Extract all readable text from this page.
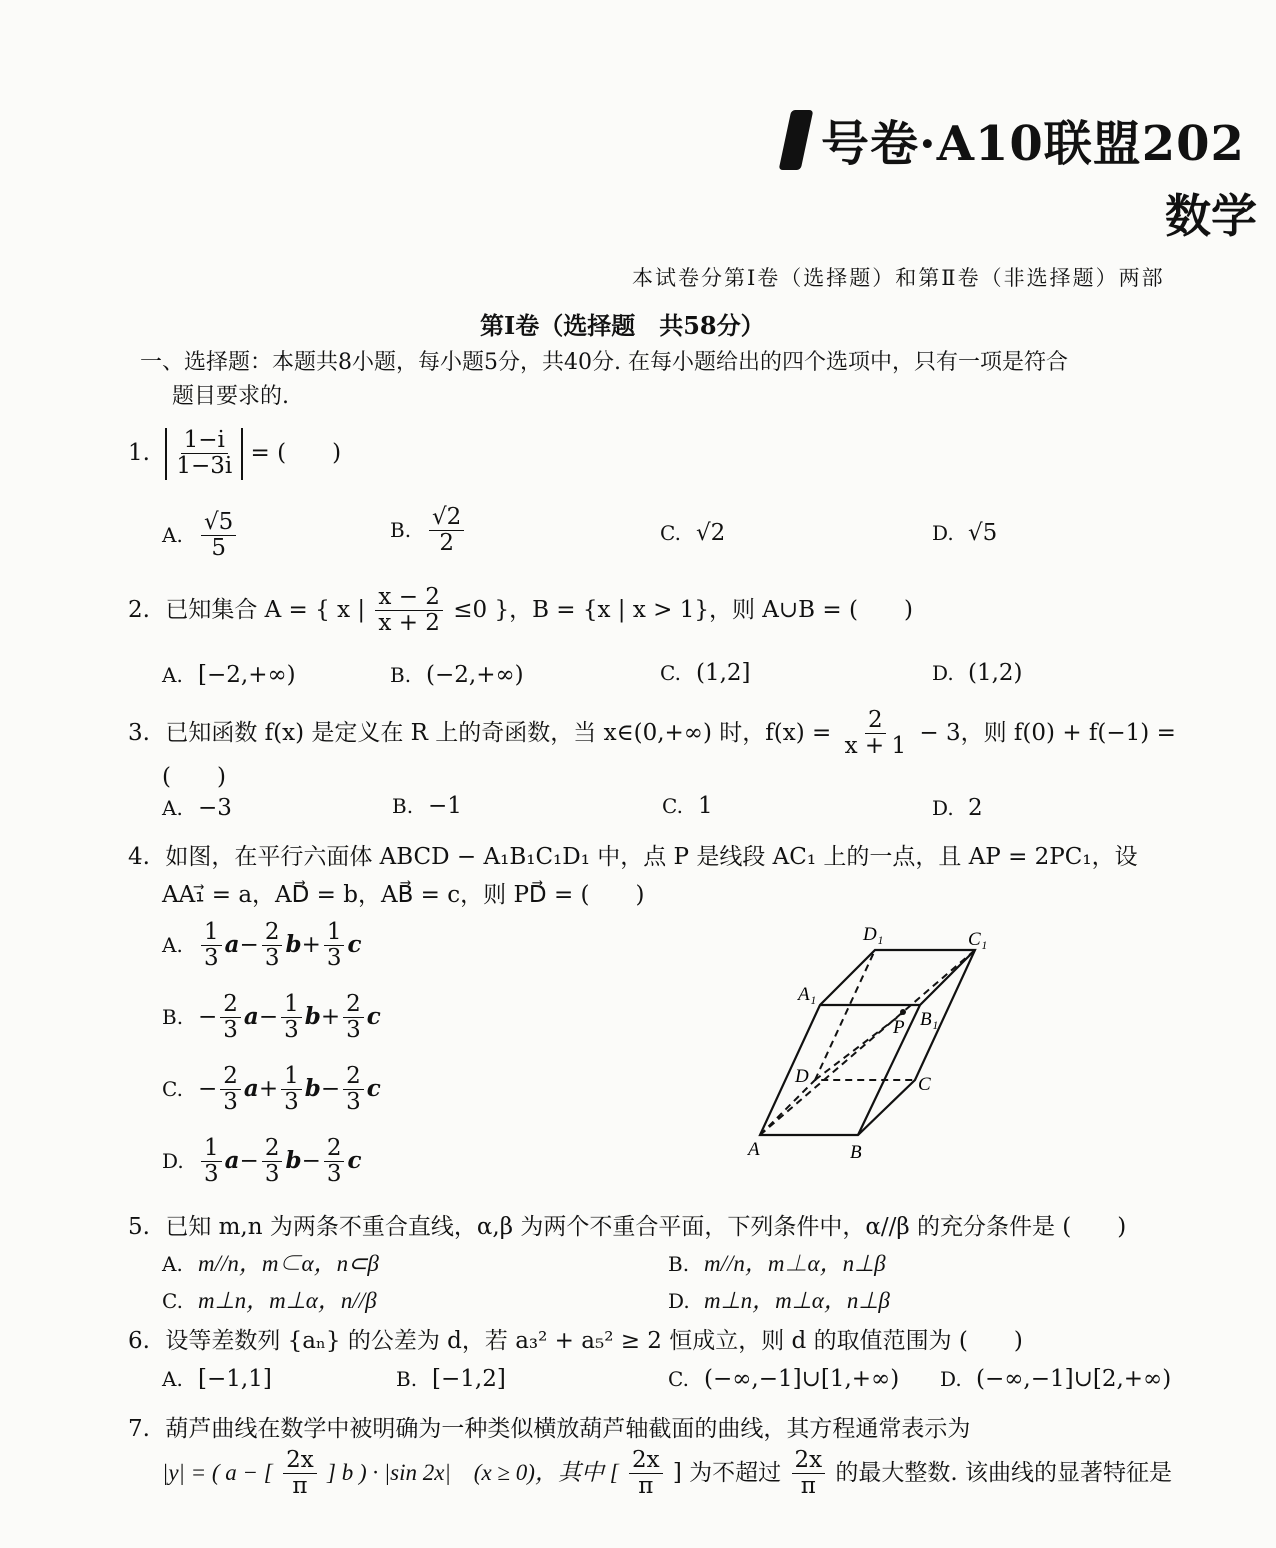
号卷·A10联盟202
数学
本试卷分第Ⅰ卷（选择题）和第Ⅱ卷（非选择题）两部
第Ⅰ卷（选择题　共58分）
一、选择题：本题共8小题，每小题5分，共40分. 在每小题给出的四个选项中，只有一项是符合
题目要求的.
1. $\frac{1-i}{1-3i}$ = (　　)
A. $\frac{√5}{5}$	B. $\frac{√2}{2}$	C. √2	D. √5
2. 已知集合 A = { x | $\frac{x - 2}{x + 2} \le 0$ }，B = {x | x > 1}，则 A∪B = (　　)
A. [−2,+∞)	B. (−2,+∞)	C. (1,2]	D. (1,2)
3. 已知函数 f(x) 是定义在 R 上的奇函数，当 x∈(0,+∞) 时，$f(x) = \frac{2}{x + 1} - 3$，则 f(0) + f(−1) =
(　　)
A. −3	B. −1	C. 1	D. 2
4. 如图，在平行六面体 ABCD − A₁B₁C₁D₁ 中，点 P 是线段 AC₁ 上的一点，且 AP = 2PC₁，设
AA₁⃗ = a，AD⃗ = b，AB⃗ = c，则 PD⃗ = (　　)
A. $\frac{1}{3} a- \frac{2}{3} b+ \frac{1}{3}$ c
B. − $\frac{2}{3} a- \frac{1}{3} b+ \frac{2}{3}$ c
C. − $\frac{2}{3} a+ \frac{1}{3} b- \frac{2}{3}$ c
D. $\frac{1}{3} a- \frac{2}{3} b- \frac{2}{3}$ c	A	B
C
D
A₁
B₁
C₁
D₁
P
5. 已知 m,n 为两条不重合直线，α,β 为两个不重合平面，下列条件中，α//β 的充分条件是 (　　)
A. m//n，m⊂α，n⊂β	B. m//n，m⊥α，n⊥β
C. m⊥n，m⊥α，n//β	D. m⊥n，m⊥α，n⊥β
6. 设等差数列 {aₙ} 的公差为 d，若 a₃² + a₅² ≥ 2 恒成立，则 d 的取值范围为 (　　)
A. [−1,1]	B. [−1,2]	C. (−∞,−1]∪[1,+∞) D. (−∞,−1]∪[2,+∞)
7. 葫芦曲线在数学中被明确为一种类似横放葫芦轴截面的曲线，其方程通常表示为
|y| = ( a − [ $\frac{2x}{\pi}$ ] b ) · |sin 2x|　(x ≥ 0)，其中 [ $\frac{2x}{\pi}$ ] 为不超过 $\frac{2x}{\pi}$ 的最大整数. 该曲线的显著特征是
